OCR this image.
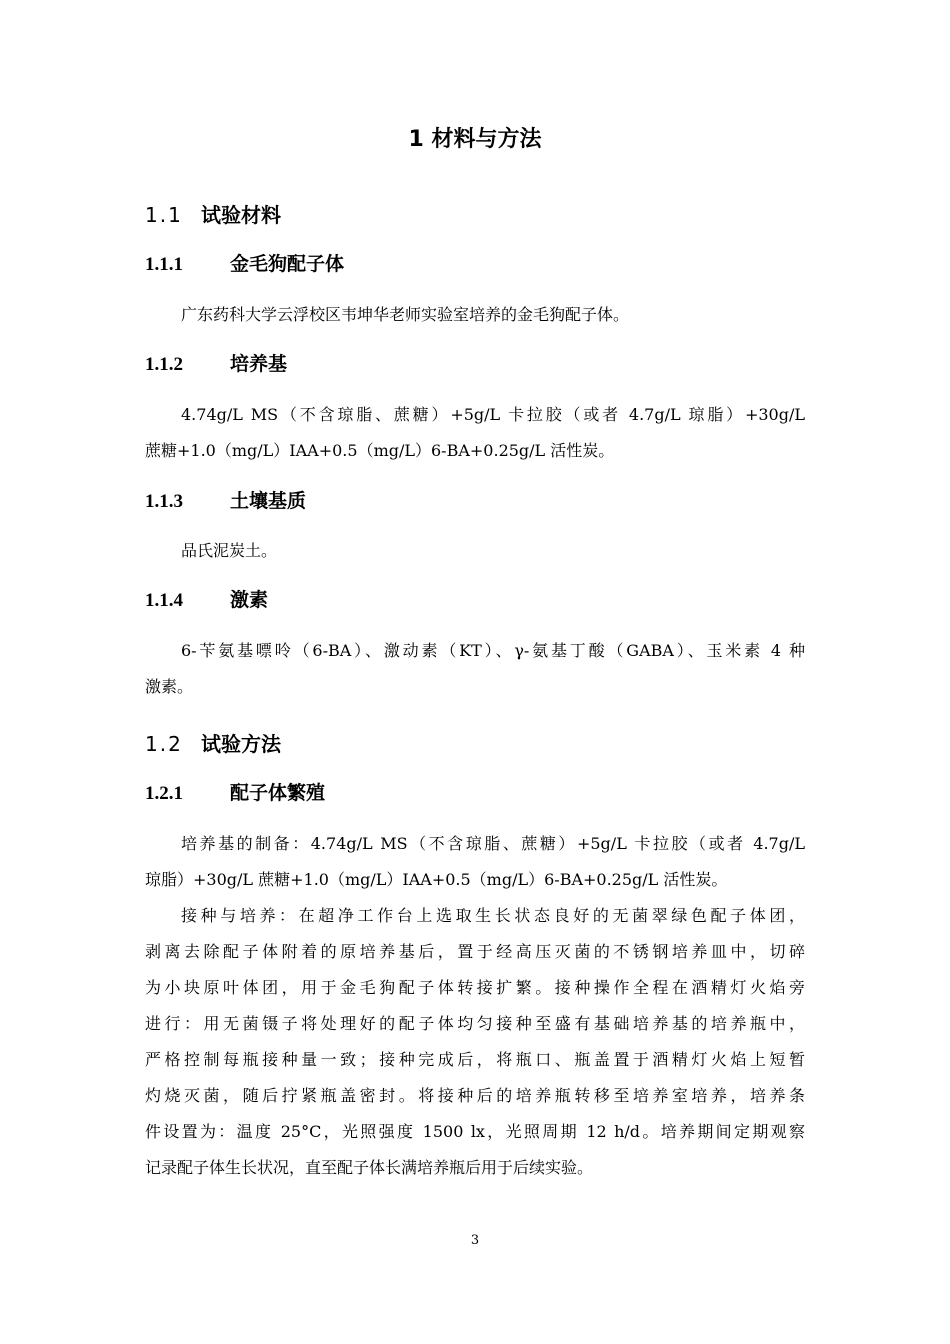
1 材料与方法
1.1 试验材料
1.1.1 金毛狗配子体
广东药科大学云浮校区韦坤华老师实验室培养的金毛狗配子体。
1.1.2 培养基
4.74g/L MS（不含琼脂、蔗糖）+5g/L 卡拉胶（或者 4.7g/L 琼脂）+30g/L
蔗糖+1.0（mg/L）IAA+0.5（mg/L）6-BA+0.25g/L 活性炭。
1.1.3 土壤基质
品氏泥炭土。
1.1.4 激素
6-苄氨基嘌呤（6-BA）、激动素（KT）、γ-氨基丁酸（GABA）、玉米素 4 种
激素。
1.2 试验方法
1.2.1 配子体繁殖
培养基的制备：4.74g/L MS（不含琼脂、蔗糖）+5g/L 卡拉胶（或者 4.7g/L
琼脂）+30g/L 蔗糖+1.0（mg/L）IAA+0.5（mg/L）6-BA+0.25g/L 活性炭。
接种与培养：在超净工作台上选取生长状态良好的无菌翠绿色配子体团，
剥离去除配子体附着的原培养基后，置于经高压灭菌的不锈钢培养皿中，切碎
为小块原叶体团，用于金毛狗配子体转接扩繁。接种操作全程在酒精灯火焰旁
进行：用无菌镊子将处理好的配子体均匀接种至盛有基础培养基的培养瓶中，
严格控制每瓶接种量一致；接种完成后，将瓶口、瓶盖置于酒精灯火焰上短暂
灼烧灭菌，随后拧紧瓶盖密封。将接种后的培养瓶转移至培养室培养，培养条
件设置为：温度 25°C，光照强度 1500 lx，光照周期 12 h/d。培养期间定期观察
记录配子体生长状况，直至配子体长满培养瓶后用于后续实验。
3
